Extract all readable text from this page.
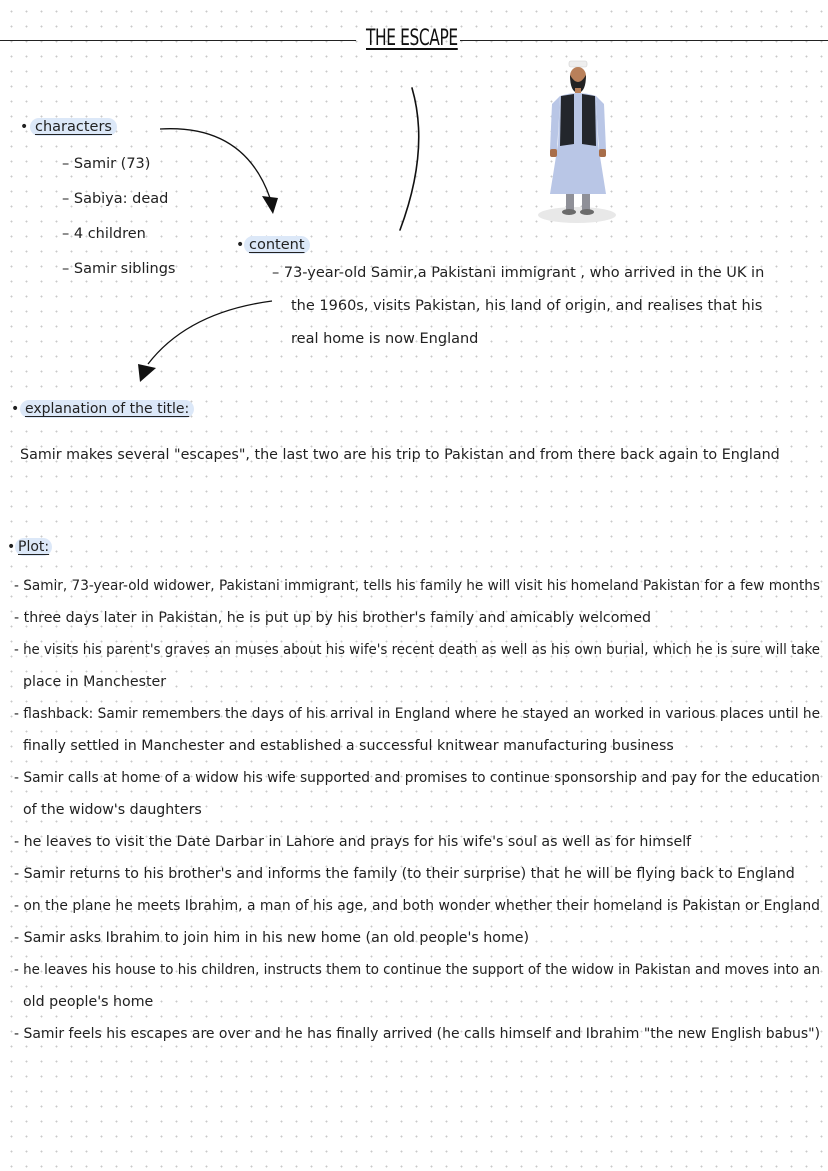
THE ESCAPE
• characters
– Samir (73)
– Sabiya: dead
– 4 children
– Samir siblings
• content
– 73-year-old Samir,a Pakistani immigrant , who arrived in the UK in
the 1960s, visits Pakistan, his land of origin, and realises that his
real home is now England
• explanation of the title:
Samir makes several "escapes", the last two are his trip to Pakistan and from there back again to England
• Plot:
- Samir, 73-year-old widower, Pakistani immigrant, tells his family he will visit his homeland Pakistan for a few months
- three days later in Pakistan, he is put up by his brother's family and amicably welcomed
- he visits his parent's graves an muses about his wife's recent death as well as his own burial, which he is sure will take
place in Manchester
- flashback: Samir remembers the days of his arrival in England where he stayed an worked in various places until he
finally settled in Manchester and established a successful knitwear manufacturing business
- Samir calls at home of a widow his wife supported and promises to continue sponsorship and pay for the education
of the widow's daughters
- he leaves to visit the Date Darbar in Lahore and prays for his wife's soul as well as for himself
- Samir returns to his brother's and informs the family (to their surprise) that he will be flying back to England
- on the plane he meets Ibrahim, a man of his age, and both wonder whether their homeland is Pakistan or England
- Samir asks Ibrahim to join him in his new home (an old people's home)
- he leaves his house to his children, instructs them to continue the support of the widow in Pakistan and moves into an
old people's home
- Samir feels his escapes are over and he has finally arrived (he calls himself and Ibrahim "the new English babus")
